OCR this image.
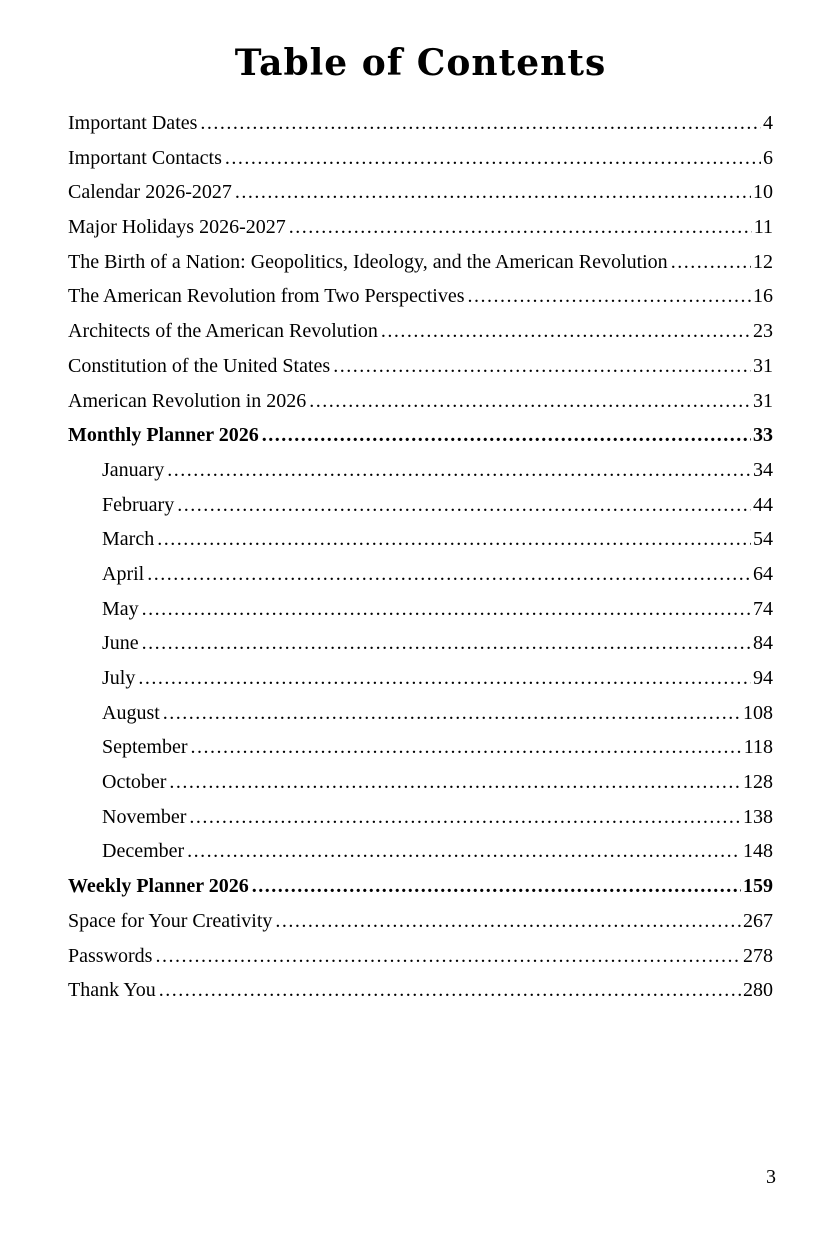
Table of Contents
Important Dates .....	4
Important Contacts .....	6
Calendar 2026-2027 .....	10
Major Holidays 2026-2027 .....	11
The Birth of a Nation: Geopolitics, Ideology, and the American Revolution .....	12
The American Revolution from Two Perspectives .....	16
Architects of the American Revolution .....	23
Constitution of the United States .....	31
American Revolution in 2026 .....	31
Monthly Planner 2026 .....	33
January .....	34
February .....	44
March .....	54
April .....	64
May .....	74
June .....	84
July .....	94
August .....	108
September .....	118
October .....	128
November .....	138
December .....	148
Weekly Planner 2026 .....	159
Space for Your Creativity .....	267
Passwords .....	278
Thank You .....	280
3
